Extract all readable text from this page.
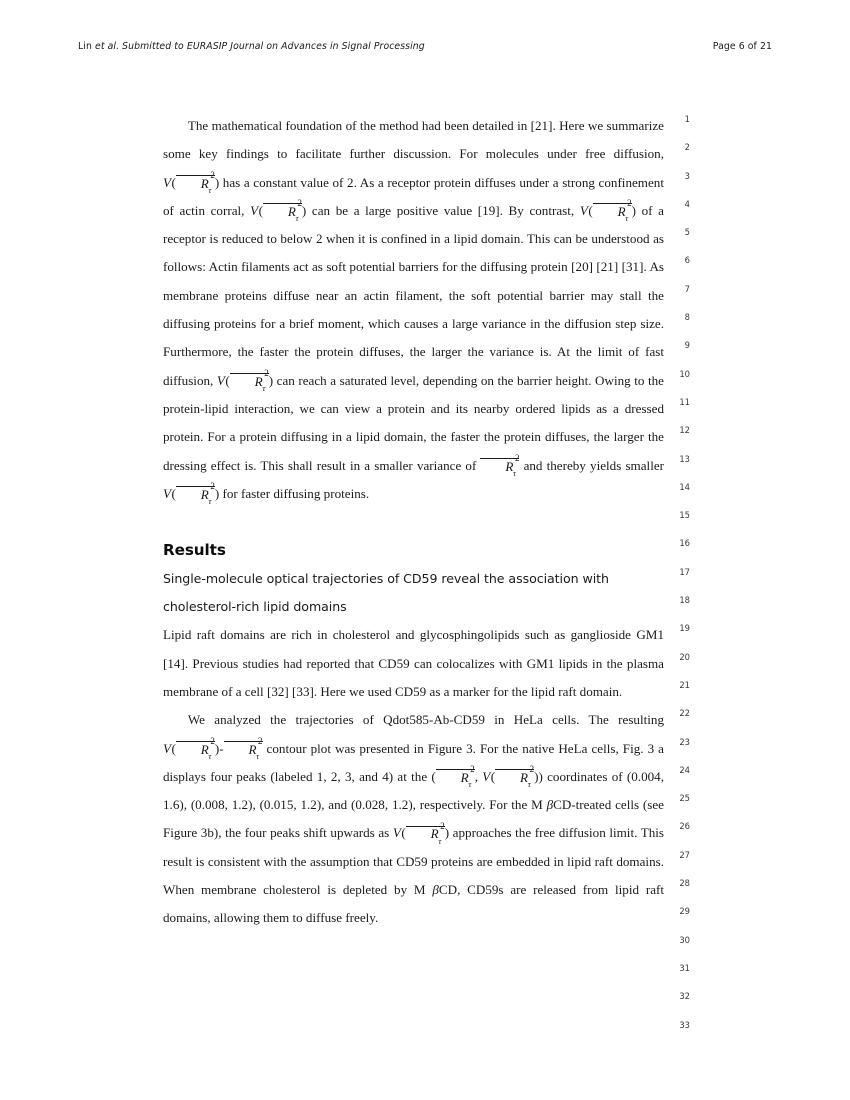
Lin et al. Submitted to EURASIP Journal on Advances in Signal Processing	Page 6 of 21
1
2
3
4
5
6
7
8
9
10
11
12
13
14
15
16
17
18
19
20
21
22
23
24
25
26
27
28
29
30
31
32
33

The mathematical foundation of the method had been detailed in [21]. Here we summarize some key findings to facilitate further discussion. For molecules under free diffusion, V( $R_\tau^2$) has a constant value of 2. As a receptor protein diffuses under a strong confinement of actin corral, V( $R_\tau^2$) can be a large positive value [19]. By contrast, V( $R_\tau^2$) of a receptor is reduced to below 2 when it is confined in a lipid domain. This can be understood as follows: Actin filaments act as soft potential barriers for the diffusing protein [20] [21] [31]. As membrane proteins diffuse near an actin filament, the soft potential barrier may stall the diffusing proteins for a brief moment, which causes a large variance in the diffusion step size. Furthermore, the faster the protein diffuses, the larger the variance is. At the limit of fast diffusion, V( $R_\tau^2$) can reach a saturated level, depending on the barrier height. Owing to the protein-lipid interaction, we can view a protein and its nearby ordered lipids as a dressed protein. For a protein diffusing in a lipid domain, the faster the protein diffuses, the larger the dressing effect is. This shall result in a smaller variance of $R_\tau^2$ and thereby yields smaller V( $R_\tau^2$) for faster diffusing proteins.

Results
Single-molecule optical trajectories of CD59 reveal the association with
cholesterol-rich lipid domains

Lipid raft domains are rich in cholesterol and glycosphingolipids such as ganglioside GM1 [14]. Previous studies had reported that CD59 can colocalizes with GM1 lipids in the plasma membrane of a cell [32] [33]. Here we used CD59 as a marker for the lipid raft domain.

We analyzed the trajectories of Qdot585-Ab-CD59 in HeLa cells. The resulting V( $R_\tau^2)-$ $R_\tau^2$ contour plot was presented in Figure 3. For the native HeLa cells, Fig. 3 a displays four peaks (labeled 1, 2, 3, and 4) at the ( $R_\tau^2$, V( $R_\tau^2$)) coordinates of (0.004, 1.6), (0.008, 1.2), (0.015, 1.2), and (0.028, 1.2), respectively. For the M βCD-treated cells (see Figure 3b), the four peaks shift upwards as V( $R_\tau^2$) approaches the free diffusion limit. This result is consistent with the assumption that CD59 proteins are embedded in lipid raft domains. When membrane cholesterol is depleted by M βCD, CD59s are released from lipid raft domains, allowing them to diffuse freely.
